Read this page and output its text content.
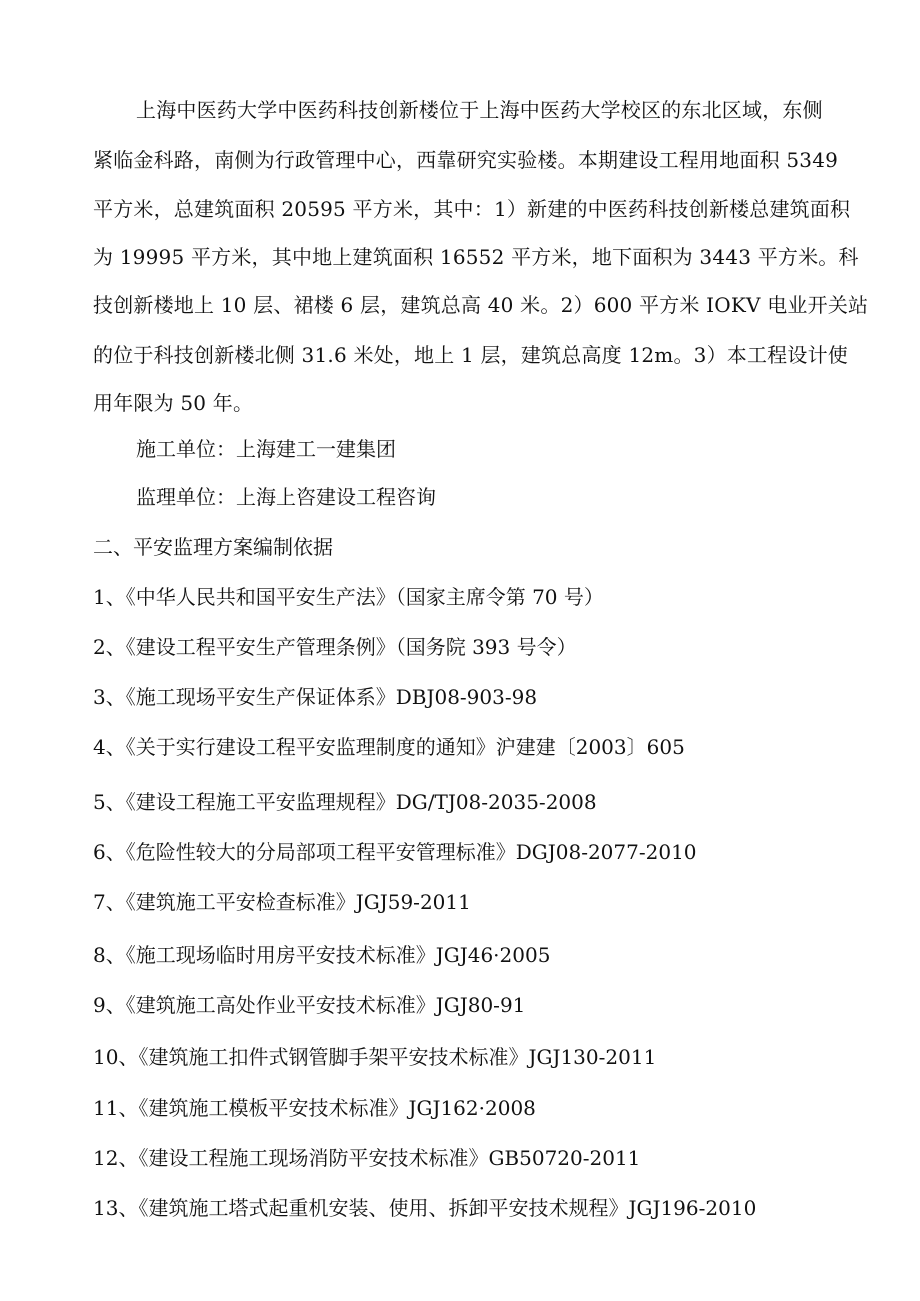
上海中医药大学中医药科技创新楼位于上海中医药大学校区的东北区域，东侧
紧临金科路，南侧为行政管理中心，西靠研究实验楼。本期建设工程用地面积 5349
平方米，总建筑面积 20595 平方米，其中：1）新建的中医药科技创新楼总建筑面积
为 19995 平方米，其中地上建筑面积 16552 平方米，地下面积为 3443 平方米。科
技创新楼地上 10 层、裙楼 6 层，建筑总高 40 米。2）600 平方米 IOKV 电业开关站
的位于科技创新楼北侧 31.6 米处，地上 1 层，建筑总高度 12m。3）本工程设计使
用年限为 50 年。
施工单位：上海建工一建集团
监理单位：上海上咨建设工程咨询
二、平安监理方案编制依据
1、《中华人民共和国平安生产法》（国家主席令第 70 号）
2、《建设工程平安生产管理条例》（国务院 393 号令）
3、《施工现场平安生产保证体系》DBJ08-903-98
4、《关于实行建设工程平安监理制度的通知》沪建建〔2003〕605
5、《建设工程施工平安监理规程》DG/TJ08-2035-2008
6、《危险性较大的分局部项工程平安管理标准》DGJ08-2077-2010
7、《建筑施工平安检查标准》JGJ59-2011
8、《施工现场临时用房平安技术标准》JGJ46·2005
9、《建筑施工高处作业平安技术标准》JGJ80-91
10、《建筑施工扣件式钢管脚手架平安技术标准》JGJ130-2011
11、《建筑施工模板平安技术标准》JGJ162·2008
12、《建设工程施工现场消防平安技术标准》GB50720-2011
13、《建筑施工塔式起重机安装、使用、拆卸平安技术规程》JGJ196-2010
